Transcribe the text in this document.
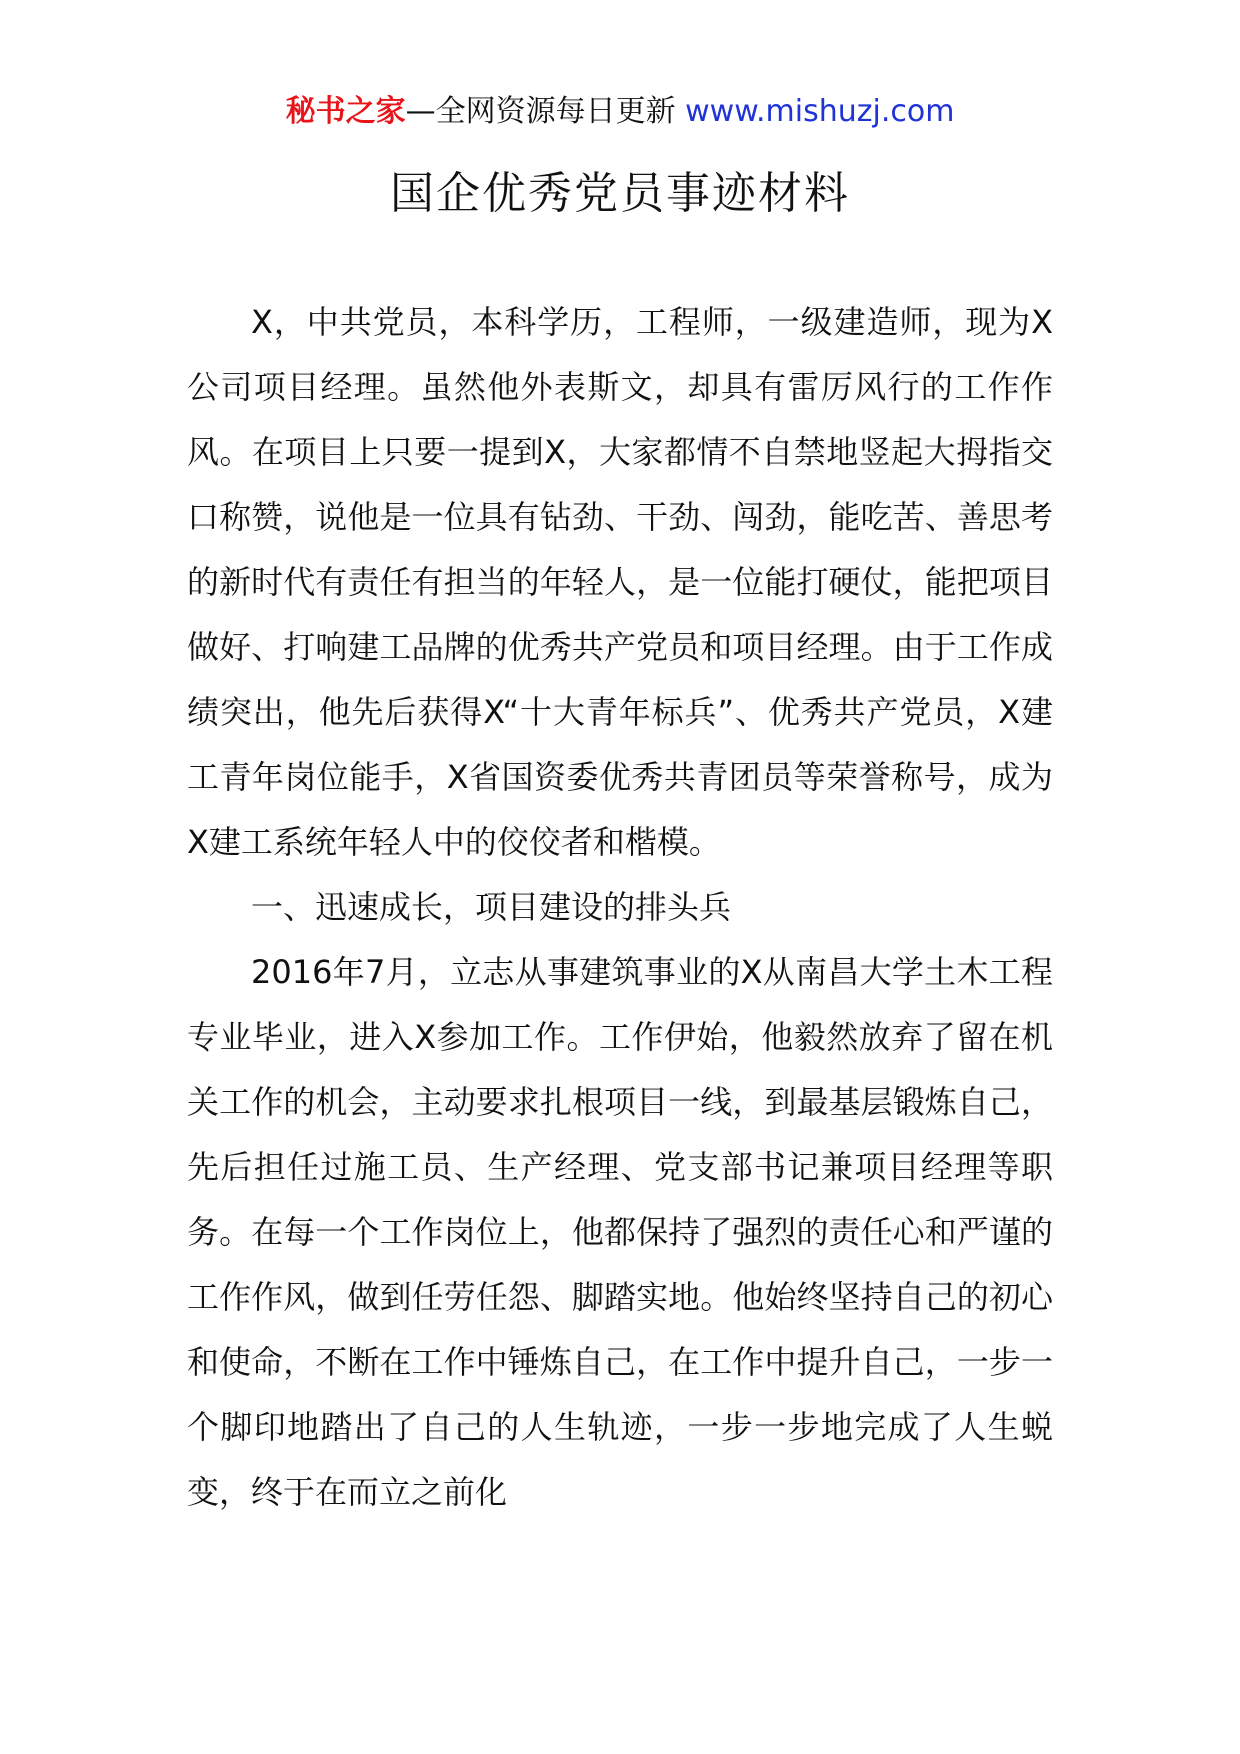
秘书之家—全网资源每日更新 www.mishuzj.com
国企优秀党员事迹材料

X，中共党员，本科学历，工程师，一级建造师，现为X公司项目经理。虽然他外表斯文，却具有雷厉风行的工作作风。在项目上只要一提到X，大家都情不自禁地竖起大拇指交口称赞，说他是一位具有钻劲、干劲、闯劲，能吃苦、善思考的新时代有责任有担当的年轻人，是一位能打硬仗，能把项目做好、打响建工品牌的优秀共产党员和项目经理。由于工作成绩突出，他先后获得X“十大青年标兵”、优秀共产党员，X建工青年岗位能手，X省国资委优秀共青团员等荣誉称号，成为X建工系统年轻人中的佼佼者和楷模。

一、迅速成长，项目建设的排头兵

2016年7月，立志从事建筑事业的X从南昌大学土木工程专业毕业，进入X参加工作。工作伊始，他毅然放弃了留在机关工作的机会，主动要求扎根项目一线，到最基层锻炼自己，先后担任过施工员、生产经理、党支部书记兼项目经理等职务。在每一个工作岗位上，他都保持了强烈的责任心和严谨的工作作风，做到任劳任怨、脚踏实地。他始终坚持自己的初心和使命，不断在工作中锤炼自己，在工作中提升自己，一步一个脚印地踏出了自己的人生轨迹，一步一步地完成了人生蜕变，终于在而立之前化
